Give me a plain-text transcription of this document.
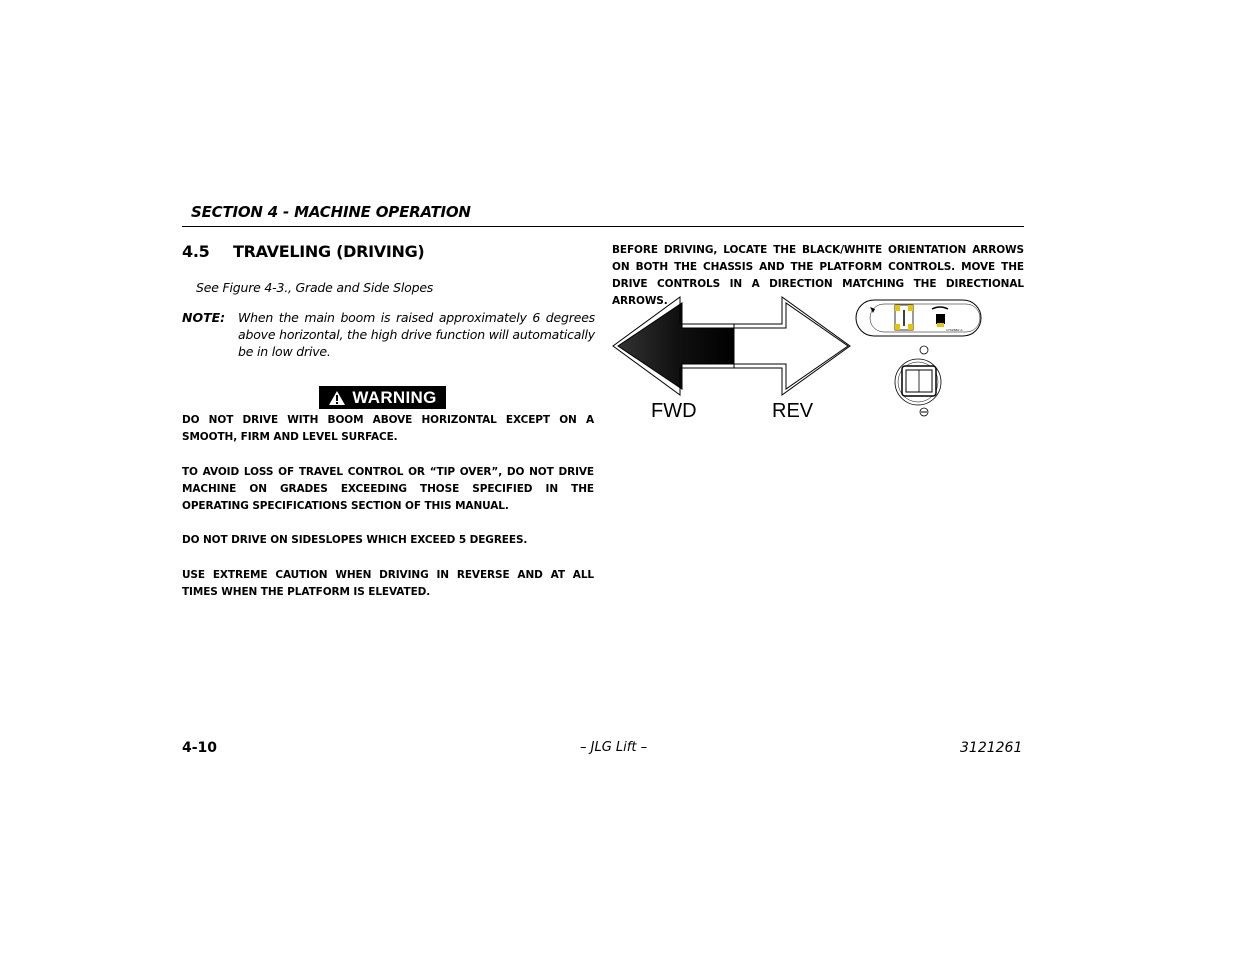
SECTION 4 - MACHINE OPERATION
4.5 TRAVELING (DRIVING)
See Figure 4-3., Grade and Side Slopes
NOTE: When the main boom is raised approximately 6 degrees above horizontal, the high drive function will automatically be in low drive.
WARNING

DO NOT DRIVE WITH BOOM ABOVE HORIZONTAL EXCEPT ON A SMOOTH, FIRM AND LEVEL SURFACE.

TO AVOID LOSS OF TRAVEL CONTROL OR “TIP OVER”, DO NOT DRIVE MACHINE ON GRADES EXCEEDING THOSE SPECIFIED IN THE OPERATING SPECIFICATIONS SECTION OF THIS MANUAL.

DO NOT DRIVE ON SIDESLOPES WHICH EXCEED 5 DEGREES.

USE EXTREME CAUTION WHEN DRIVING IN REVERSE AND AT ALL TIMES WHEN THE PLATFORM IS ELEVATED.

BEFORE DRIVING, LOCATE THE BLACK/WHITE ORIENTATION ARROWS ON BOTH THE CHASSIS AND THE PLATFORM CONTROLS. MOVE THE DRIVE CONTROLS IN A DIRECTION MATCHING THE DIRECTIONAL ARROWS.

FWD	REV
1702660 A
4-10	– JLG Lift –	3121261
